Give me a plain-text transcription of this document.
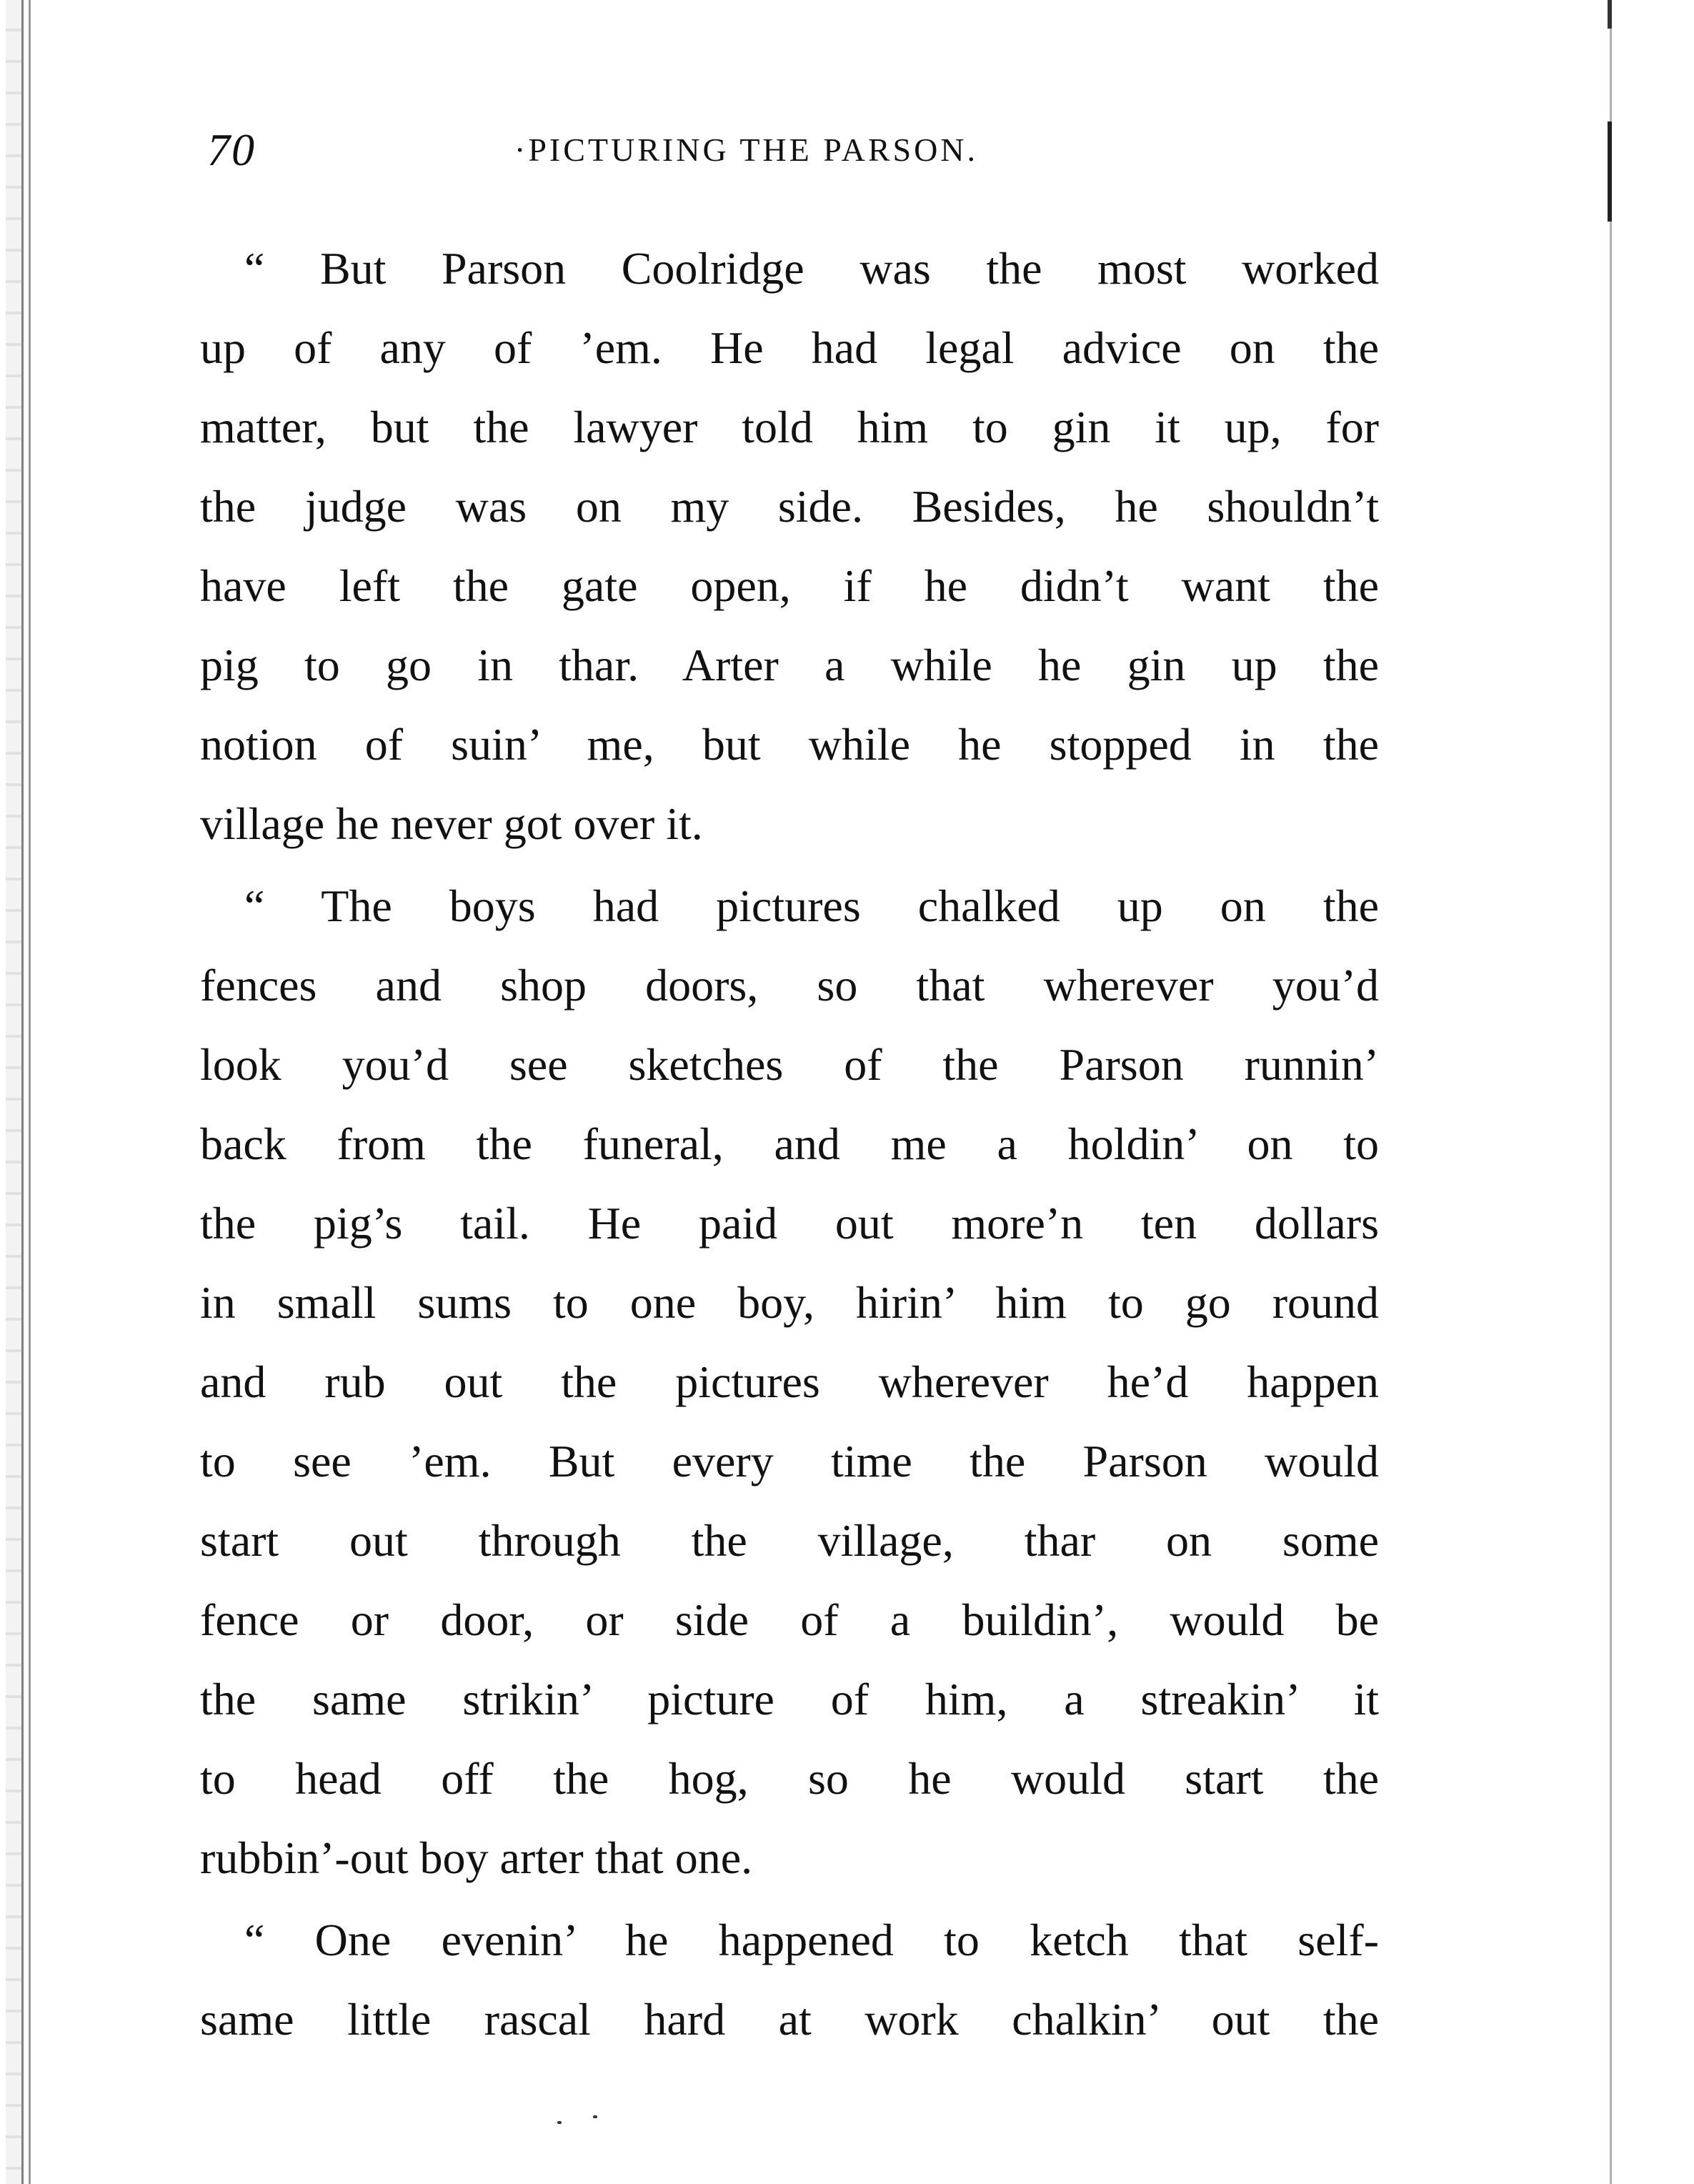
70	·PICTURING THE PARSON.
“ But Parson Coolridge was the most worked
up of any of ’em. He had legal advice on the
matter, but the lawyer told him to gin it up, for
the judge was on my side. Besides, he shouldn’t
have left the gate open, if he didn’t want the
pig to go in thar. Arter a while he gin up the
notion of suin’ me, but while he stopped in the
village he never got over it.
“ The boys had pictures chalked up on the
fences and shop doors, so that wherever you’d
look you’d see sketches of the Parson runnin’
back from the funeral, and me a holdin’ on to
the pig’s tail. He paid out more’n ten dollars
in small sums to one boy, hirin’ him to go round
and rub out the pictures wherever he’d happen
to see ’em. But every time the Parson would
start out through the village, thar on some
fence or door, or side of a buildin’, would be
the same strikin’ picture of him, a streakin’ it
to head off the hog, so he would start the
rubbin’-out boy arter that one.
“ One evenin’ he happened to ketch that self-
same little rascal hard at work chalkin’ out the
